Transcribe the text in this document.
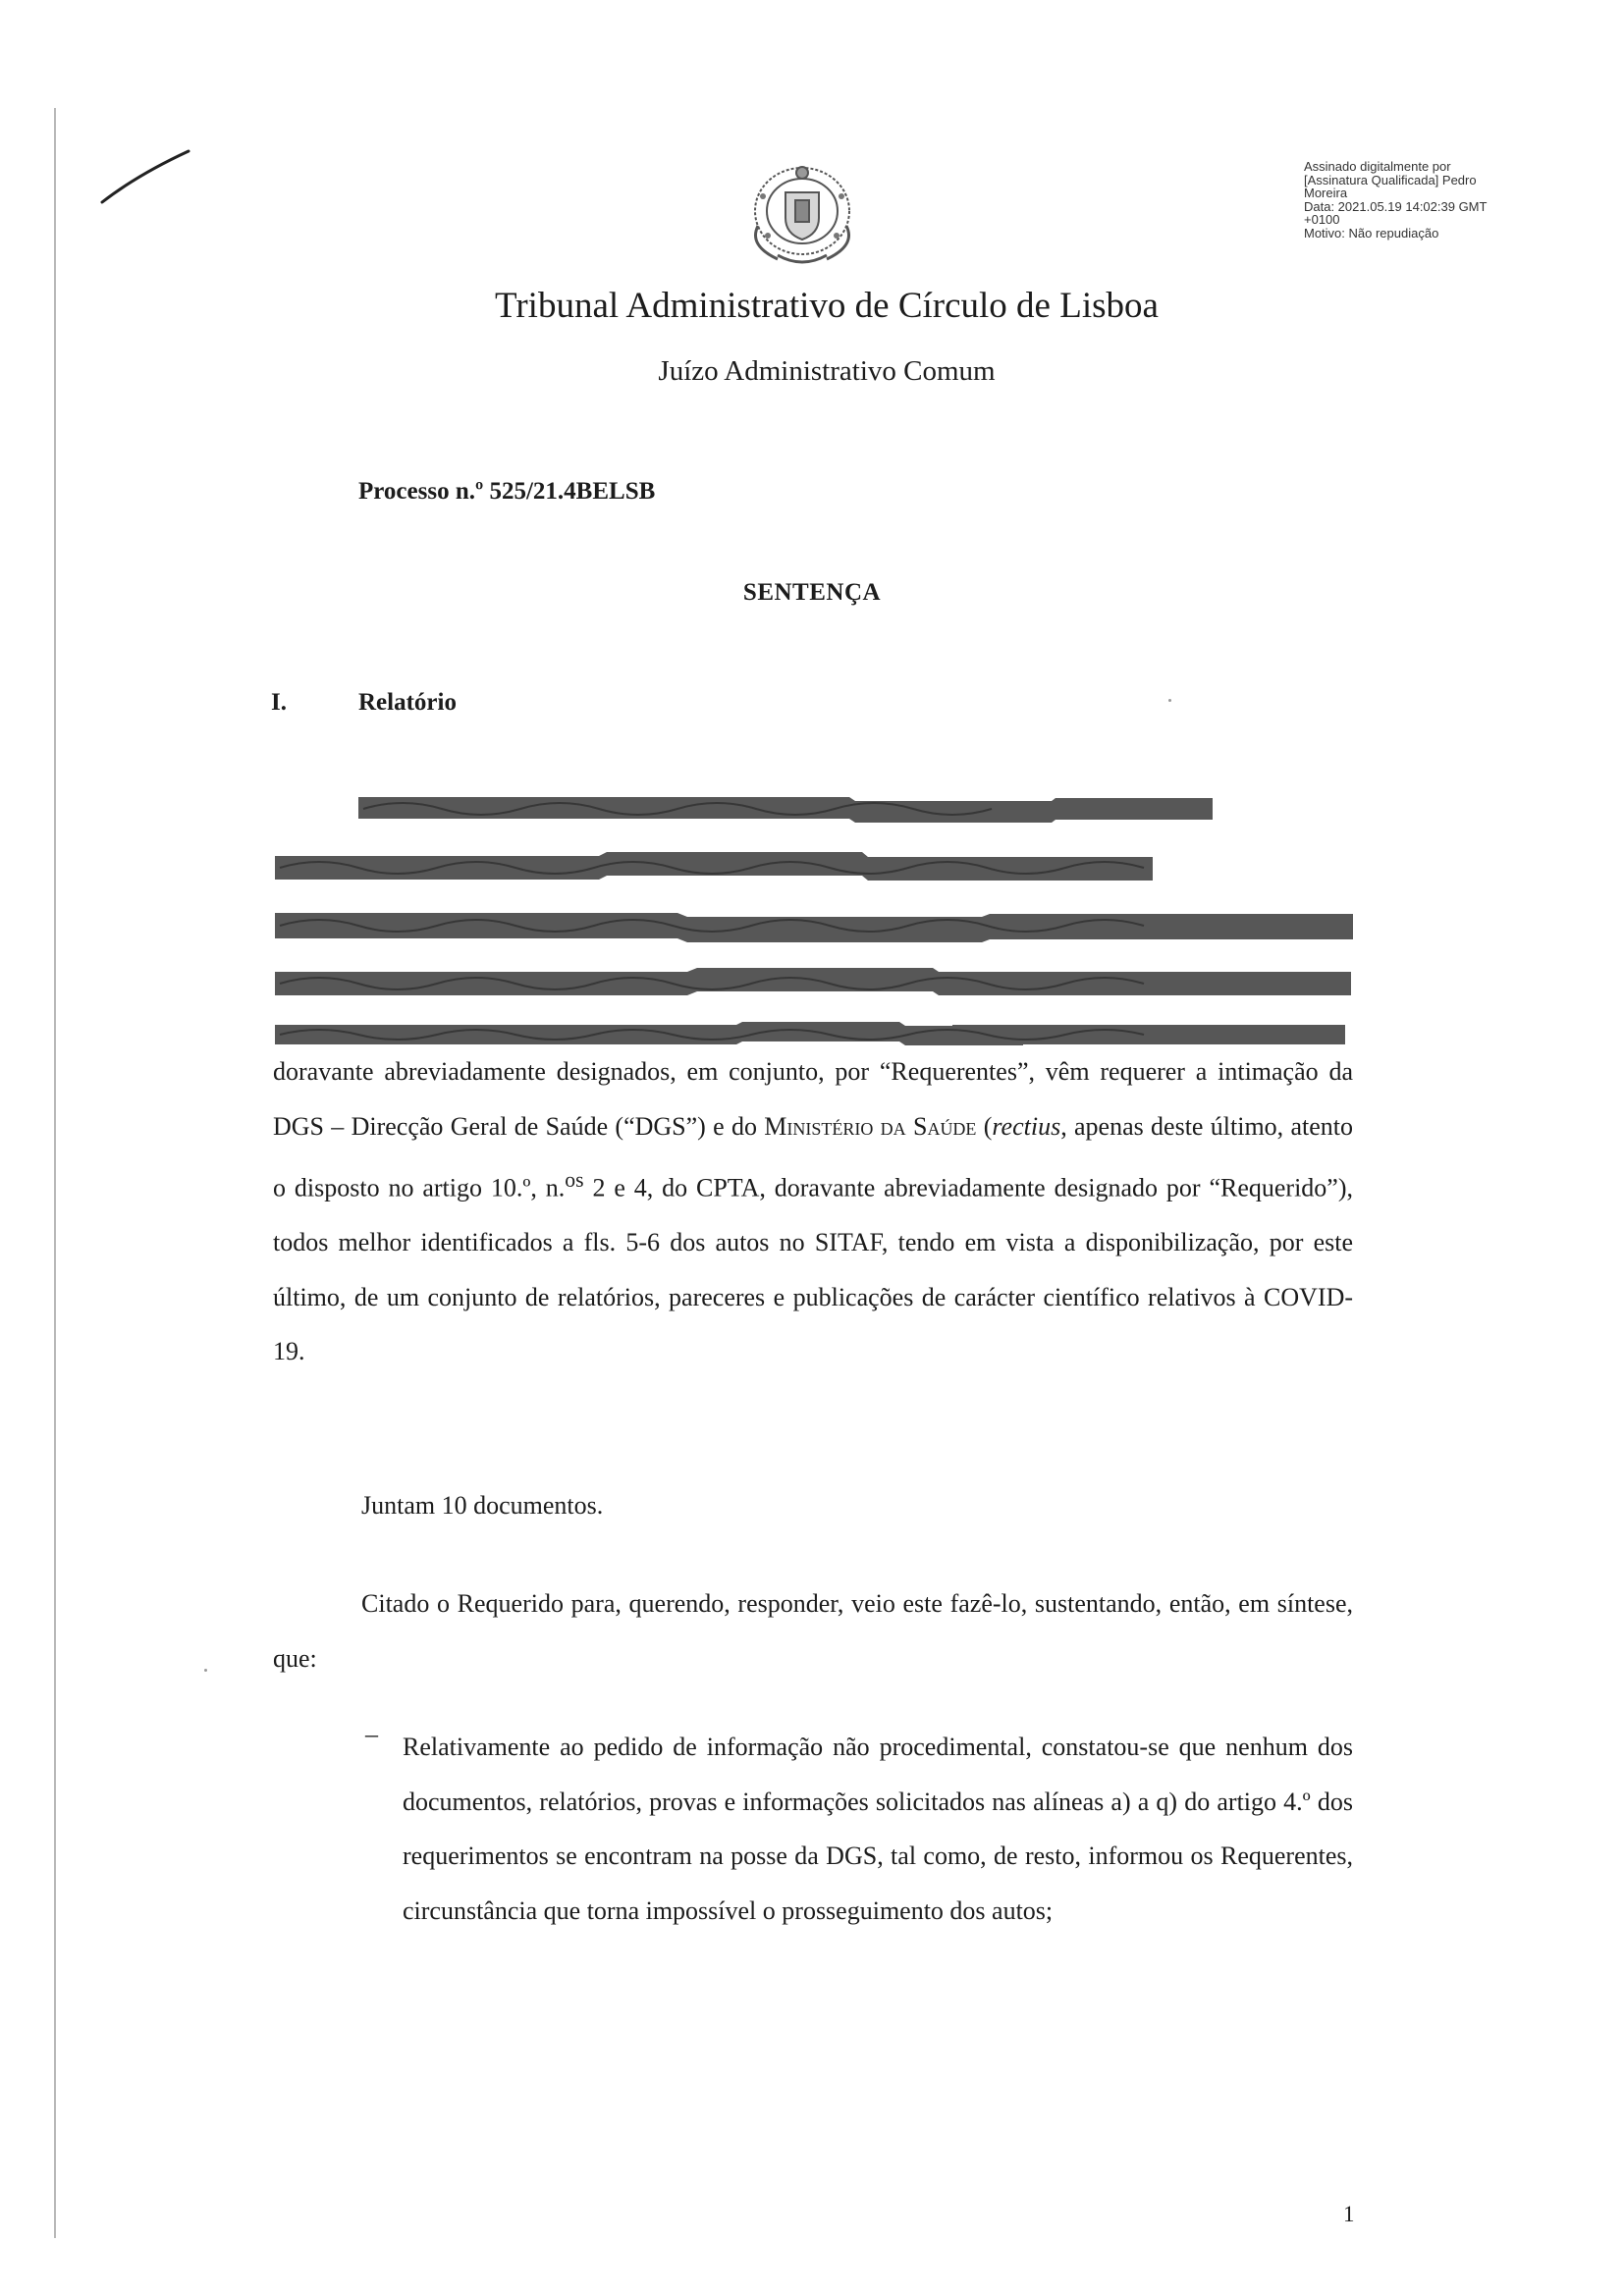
Assinado digitalmente por
[Assinatura Qualificada] Pedro
Moreira
Data: 2021.05.19 14:02:39 GMT
+0100
Motivo: Não repudiação
Tribunal Administrativo de Círculo de Lisboa
Juízo Administrativo Comum
Processo n.º 525/21.4BELSB
SENTENÇA
I.	Relatório

doravante abreviadamente designados, em conjunto, por “Requerentes”, vêm requerer a intimação da DGS – Direcção Geral de Saúde (“DGS”) e do Ministério da Saúde (rectius, apenas deste último, atento o disposto no artigo 10.º, n.$^{os}$ 2 e 4, do CPTA, doravante abreviadamente designado por “Requerido”), todos melhor identificados a fls. 5-6 dos autos no SITAF, tendo em vista a disponibilização, por este último, de um conjunto de relatórios, pareceres e publicações de carácter científico relativos à COVID-19.

Juntam 10 documentos.

Citado o Requerido para, querendo, responder, veio este fazê-lo, sustentando, então, em síntese, que:

– Relativamente ao pedido de informação não procedimental, constatou-se que nenhum dos documentos, relatórios, provas e informações solicitados nas alíneas a) a q) do artigo 4.º dos requerimentos se encontram na posse da DGS, tal como, de resto, informou os Requerentes, circunstância que torna impossível o prosseguimento dos autos;

1
